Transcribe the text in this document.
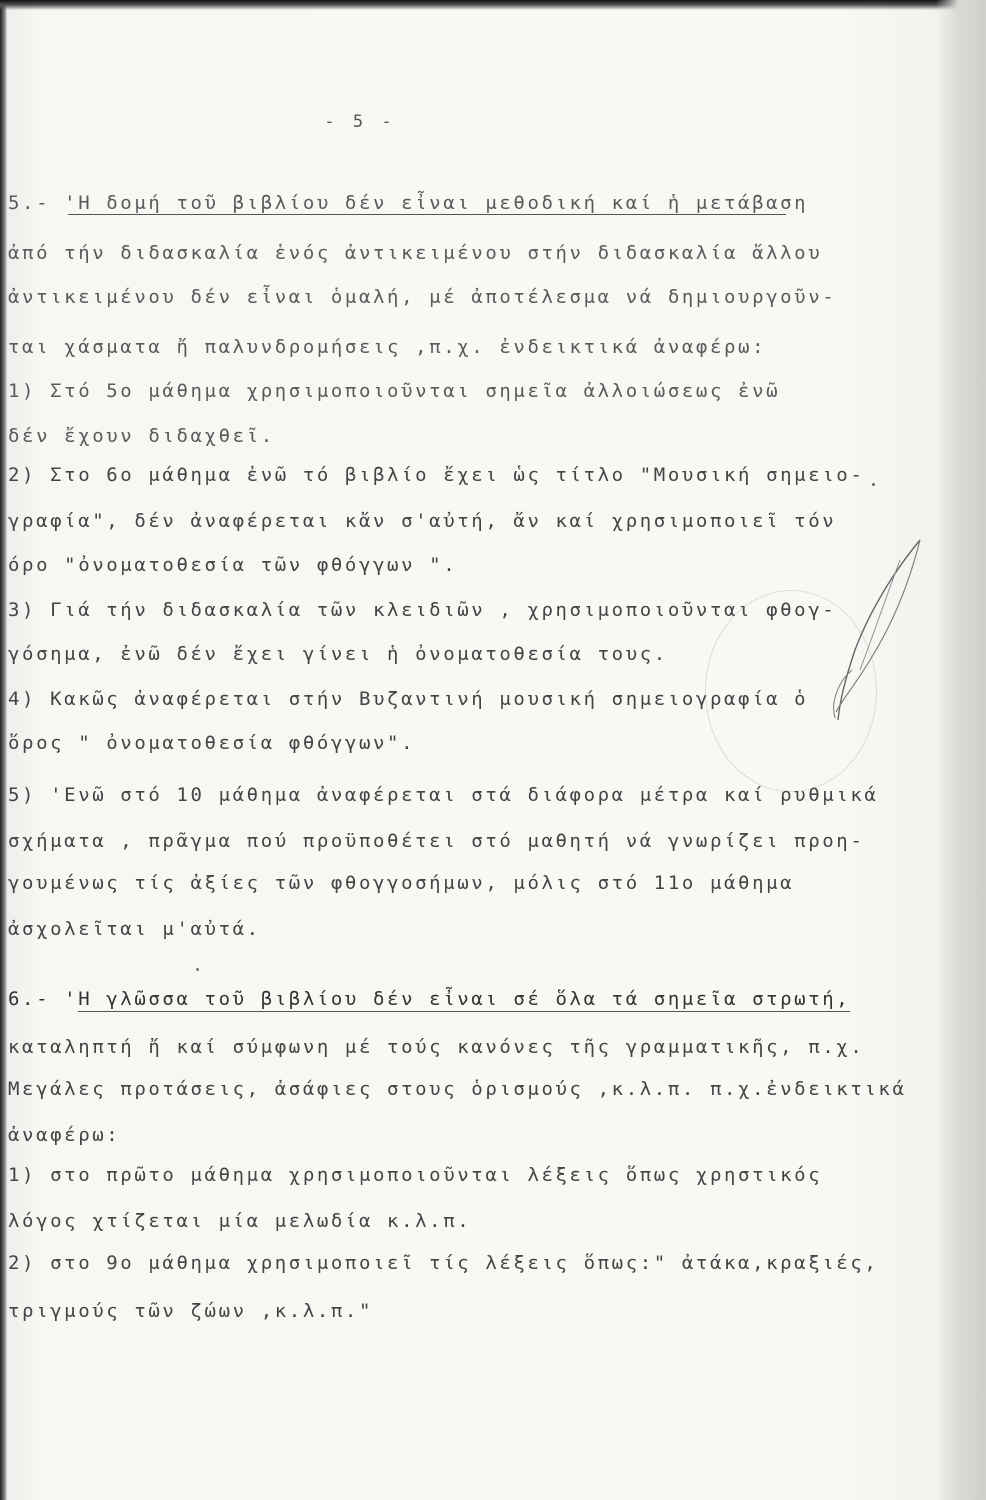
- 5 -
5.- 'Η δομή τοῦ βιβλίου δέν εἶναι μεθοδική καί ἡ μετάβαση
ἀπό τήν διδασκαλία ἑνός ἀντικειμένου στήν διδασκαλία ἄλλου
ἀντικειμένου δέν εἶναι ὁμαλή, μέ ἀποτέλεσμα νά δημιουργοῦν-
ται χάσματα ἤ παλυνδρομήσεις ,π.χ. ἐνδεικτικά ἀναφέρω:
1) Στό 5ο μάθημα χρησιμοποιοῦνται σημεῖα ἀλλοιώσεως ἐνῶ
δέν ἔχουν διδαχθεῖ.
2) Στο 6ο μάθημα ἐνῶ τό βιβλίο ἔχει ὡς τίτλο "Μουσική σημειο-
γραφία", δέν ἀναφέρεται κἄν σ'αὐτή, ἄν καί χρησιμοποιεῖ τόν
όρο "ὀνοματοθεσία τῶν φθόγγων ".
3) Γιά τήν διδασκαλία τῶν κλειδιῶν , χρησιμοποιοῦνται φθογ-
γόσημα, ἐνῶ δέν ἔχει γίνει ἡ ὀνοματοθεσία τους.
4) Κακῶς ἀναφέρεται στήν Βυζαντινή μουσική σημειογραφία ὁ
ὅρος " ὀνοματοθεσία φθόγγων".
5) 'Ενῶ στό 10 μάθημα ἀναφέρεται στά διάφορα μέτρα καί ρυθμικά
σχήματα , πρᾶγμα πού προϋποθέτει στό μαθητή νά γνωρίζει προη-
γουμένως τίς ἀξίες τῶν φθογγοσήμων, μόλις στό 11ο μάθημα
ἀσχολεῖται μ'αὐτά.
6.- 'Η γλῶσσα τοῦ βιβλίου δέν εἶναι σέ ὅλα τά σημεῖα στρωτή,
καταληπτή ἤ καί σύμφωνη μέ τούς κανόνες τῆς γραμματικῆς, π.χ.
Μεγάλες προτάσεις, ἀσάφιες στους ὁρισμούς ,κ.λ.π. π.χ.ἐνδεικτικά
ἀναφέρω:
1) στο πρῶτο μάθημα χρησιμοποιοῦνται λέξεις ὅπως χρηστικός
λόγος χτίζεται μία μελωδία κ.λ.π.
2) στο 9ο μάθημα χρησιμοποιεῖ τίς λέξεις ὅπως:" ἀτάκα,κραξιές,
τριγμούς τῶν ζώων ,κ.λ.π."
